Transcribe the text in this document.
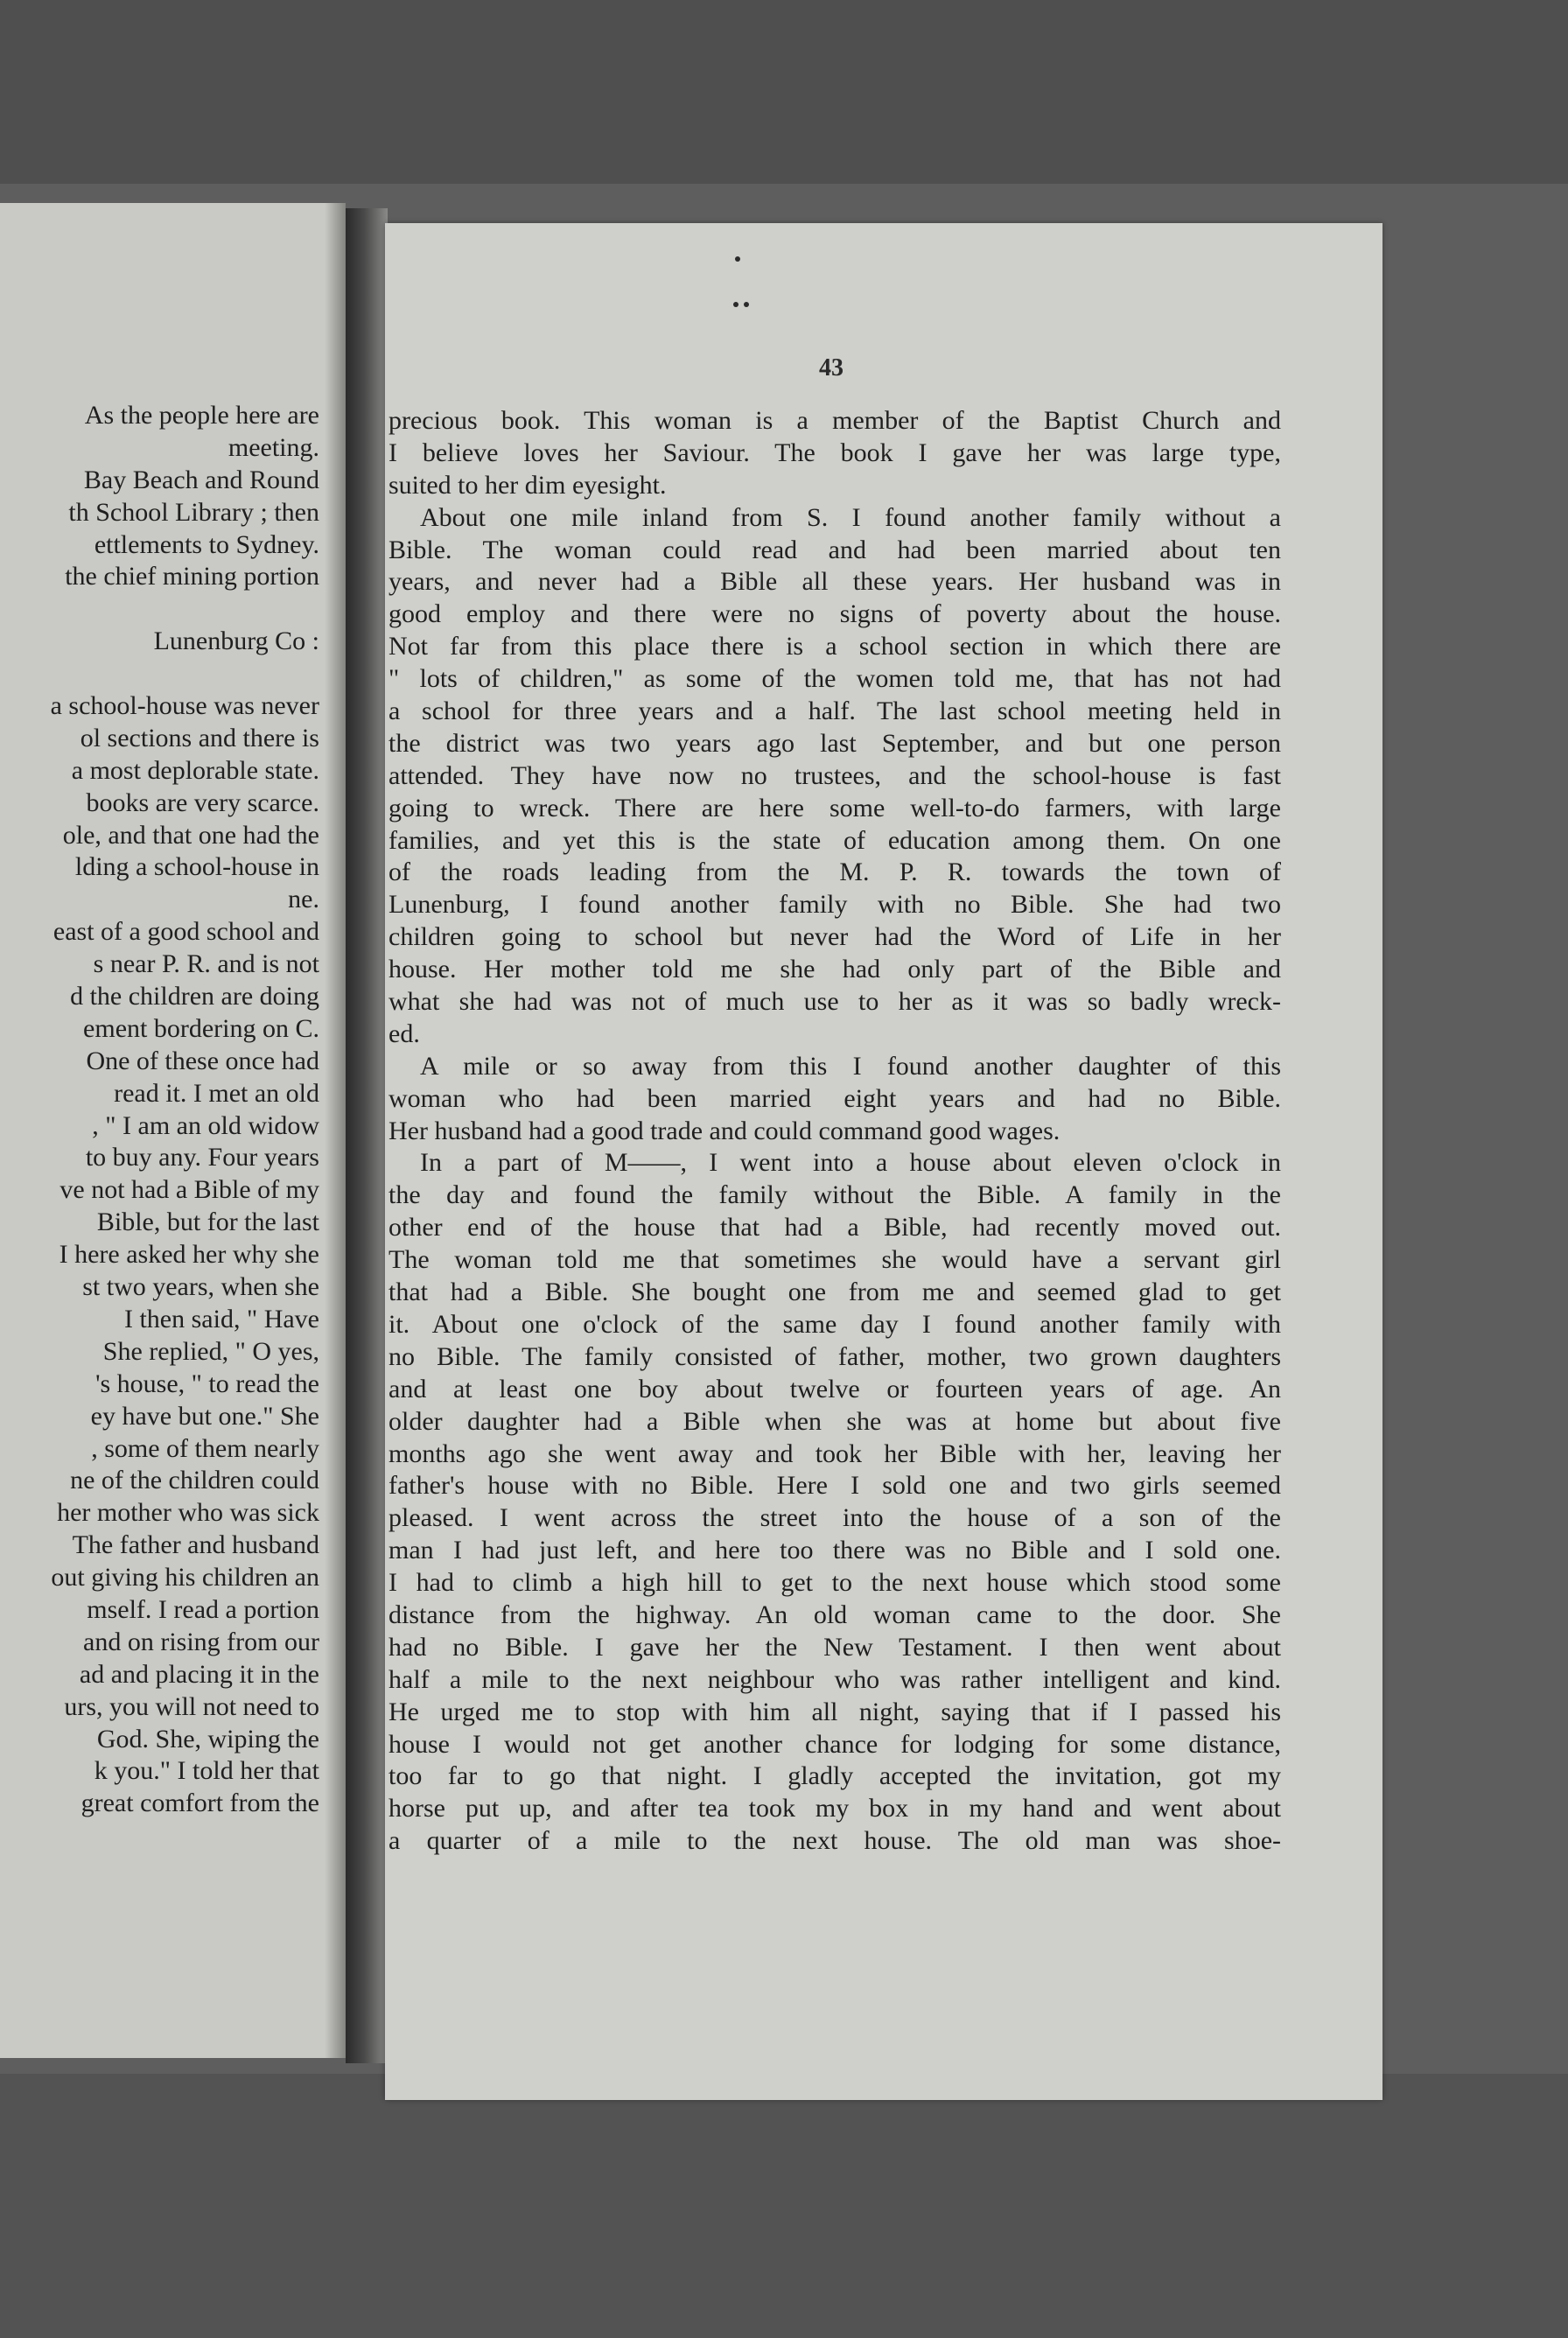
As the people here are
meeting.
Bay Beach and Round
th School Library ; then
ettlements to Sydney.
the chief mining portion
Lunenburg Co :
a school-house was never
ol sections and there is
a most deplorable state.
books are very scarce.
ole, and that one had the
lding a school-house in
ne.
east of a good school and
s near P. R. and is not
d the children are doing
ement bordering on C.
One of these once had
read it. I met an old
, " I am an old widow
to buy any. Four years
ve not had a Bible of my
Bible, but for the last
I here asked her why she
st two years, when she
I then said, " Have
She replied, " O yes,
's house, " to read the
ey have but one." She
, some of them nearly
ne of the children could
her mother who was sick
The father and husband
out giving his children an
mself. I read a portion
and on rising from our
ad and placing it in the
urs, you will not need to
God. She, wiping the
k you." I told her that
great comfort from the
43
precious book. This woman is a member of the Baptist Church and
I believe loves her Saviour. The book I gave her was large type,
suited to her dim eyesight.
About one mile inland from S. I found another family without a
Bible. The woman could read and had been married about ten
years, and never had a Bible all these years. Her husband was in
good employ and there were no signs of poverty about the house.
Not far from this place there is a school section in which there are
" lots of children," as some of the women told me, that has not had
a school for three years and a half. The last school meeting held in
the district was two years ago last September, and but one person
attended. They have now no trustees, and the school-house is fast
going to wreck. There are here some well-to-do farmers, with large
families, and yet this is the state of education among them. On one
of the roads leading from the M. P. R. towards the town of
Lunenburg, I found another family with no Bible. She had two
children going to school but never had the Word of Life in her
house. Her mother told me she had only part of the Bible and
what she had was not of much use to her as it was so badly wreck-
ed.
A mile or so away from this I found another daughter of this
woman who had been married eight years and had no Bible.
Her husband had a good trade and could command good wages.
In a part of M——, I went into a house about eleven o'clock in
the day and found the family without the Bible. A family in the
other end of the house that had a Bible, had recently moved out.
The woman told me that sometimes she would have a servant girl
that had a Bible. She bought one from me and seemed glad to get
it. About one o'clock of the same day I found another family with
no Bible. The family consisted of father, mother, two grown daughters
and at least one boy about twelve or fourteen years of age. An
older daughter had a Bible when she was at home but about five
months ago she went away and took her Bible with her, leaving her
father's house with no Bible. Here I sold one and two girls seemed
pleased. I went across the street into the house of a son of the
man I had just left, and here too there was no Bible and I sold one.
I had to climb a high hill to get to the next house which stood some
distance from the highway. An old woman came to the door. She
had no Bible. I gave her the New Testament. I then went about
half a mile to the next neighbour who was rather intelligent and kind.
He urged me to stop with him all night, saying that if I passed his
house I would not get another chance for lodging for some distance,
too far to go that night. I gladly accepted the invitation, got my
horse put up, and after tea took my box in my hand and went about
a quarter of a mile to the next house. The old man was shoe-
